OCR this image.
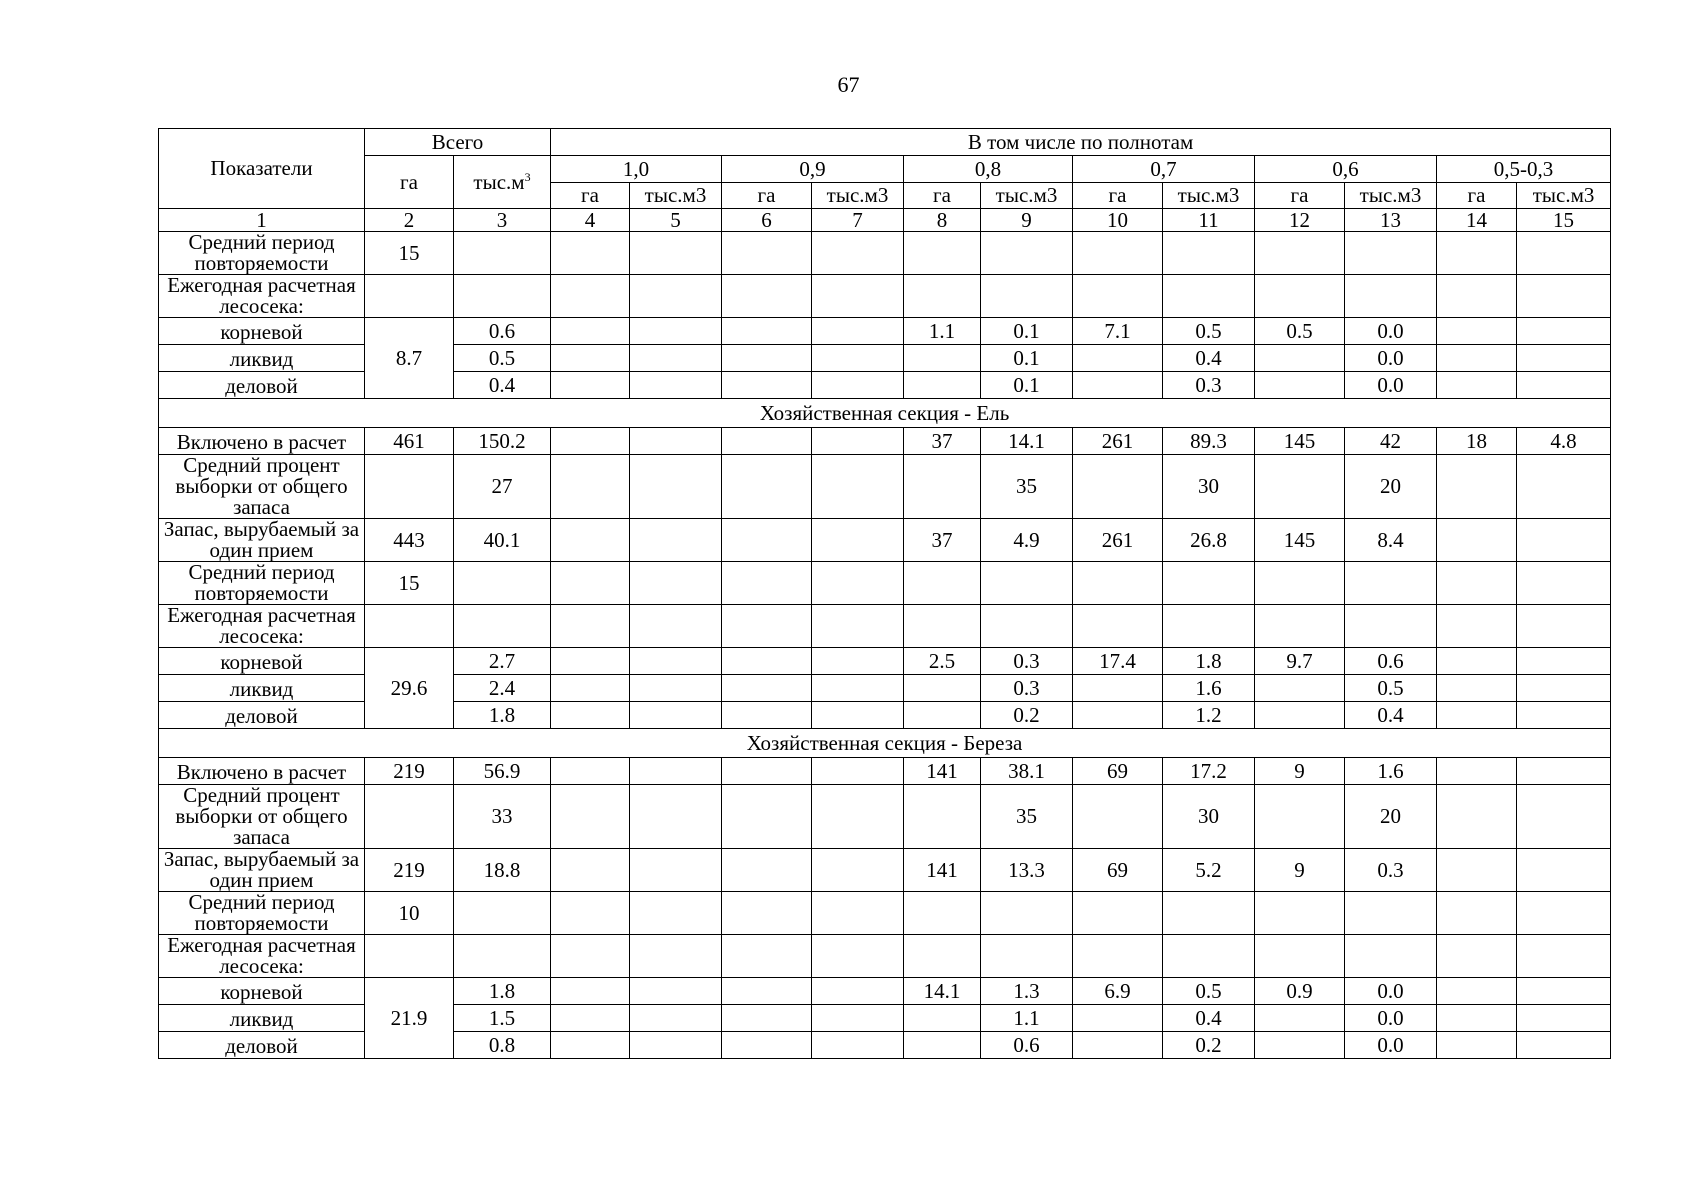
67
Показатели	Всего		В том числе по полнотам											
	га	$тыс.м^3$	1,0		0,9		0,8		0,7		0,6		0,5-0,3	
			га	тыс.м3	га	тыс.м3	га	тыс.м3	га	тыс.м3	га	тыс.м3	га	тыс.м3
1	2	3	4	5	6	7	8	9	10	11	12	13	14	15
Средний период повторяемости	15													
Ежегодная расчетная лесосека:														
корневой	8.7	0.6					1.1	0.1	7.1	0.5	0.5	0.0		
ликвид		0.5						0.1		0.4		0.0		
деловой		0.4						0.1		0.3		0.0		
Хозяйственная секция - Ель														
Включено в расчет	461	150.2					37	14.1	261	89.3	145	42	18	4.8
Средний процент выборки от общего запаса		27						35		30		20		
Запас, вырубаемый за один прием	443	40.1					37	4.9	261	26.8	145	8.4		
Средний период повторяемости	15													
Ежегодная расчетная лесосека:														
корневой	29.6	2.7					2.5	0.3	17.4	1.8	9.7	0.6		
ликвид		2.4						0.3		1.6		0.5		
деловой		1.8						0.2		1.2		0.4		
Хозяйственная секция - Береза														
Включено в расчет	219	56.9					141	38.1	69	17.2	9	1.6		
Средний процент выборки от общего запаса		33						35		30		20		
Запас, вырубаемый за один прием	219	18.8					141	13.3	69	5.2	9	0.3		
Средний период повторяемости	10													
Ежегодная расчетная лесосека:														
корневой	21.9	1.8					14.1	1.3	6.9	0.5	0.9	0.0		
ликвид		1.5						1.1		0.4		0.0		
деловой		0.8						0.6		0.2		0.0		
